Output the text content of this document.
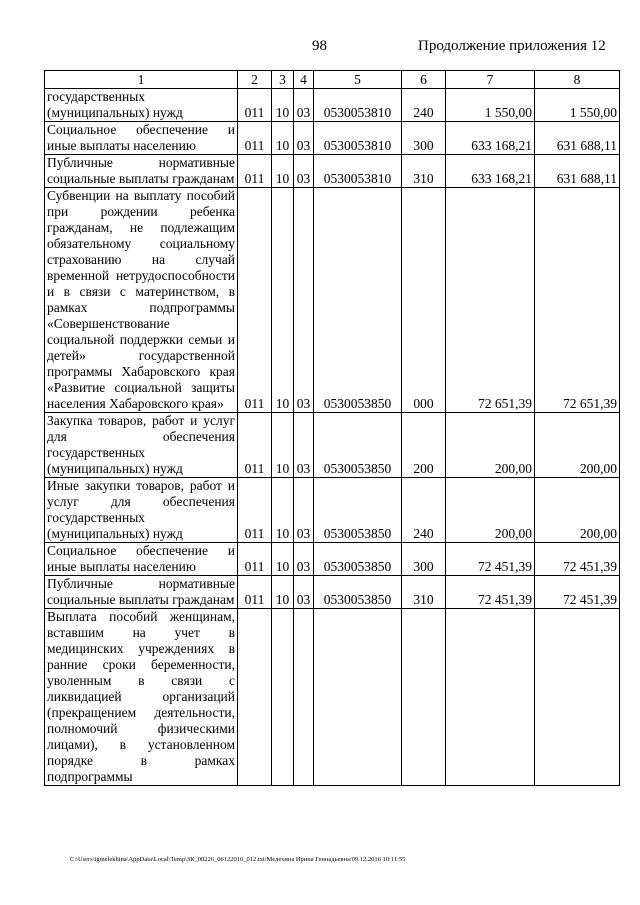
98	Продолжение приложения 12
1	2	3	4	5	6	7	8
государственных (муниципальных) нужд	011	10	03	0530053810	240	1 550,00	1 550,00
Социальное обеспечение и иные выплаты населению	011	10	03	0530053810	300	633 168,21	631 688,11
Публичные нормативные социальные выплаты гражданам	011	10	03	0530053810	310	633 168,21	631 688,11
Субвенции на выплату пособий при рождении ребенка гражданам, не подлежащим обязательному социальному страхованию на случай временной нетрудоспособности и в связи с материнством, в рамках подпрограммы «Совершенствование социальной поддержки семьи и детей» государственной программы Хабаровского края «Развитие социальной защиты населения Хабаровского края»	011	10	03	0530053850	000	72 651,39	72 651,39
Закупка товаров, работ и услуг для обеспечения государственных (муниципальных) нужд	011	10	03	0530053850	200	200,00	200,00
Иные закупки товаров, работ и услуг для обеспечения государственных (муниципальных) нужд	011	10	03	0530053850	240	200,00	200,00
Социальное обеспечение и иные выплаты населению	011	10	03	0530053850	300	72 451,39	72 451,39
Публичные нормативные социальные выплаты гражданам	011	10	03	0530053850	310	72 451,39	72 451,39
Выплата пособий женщинам, вставшим на учет в медицинских учреждениях в ранние сроки беременности, уволенным в связи с ликвидацией организаций (прекращением деятельности, полномочий физическими лицами), в установленном порядке в рамках подпрограммы							
C:\Users\igmelekhina\AppData\Local\Temp\ЗК_00226_06122016_012.txt/Мелехина Ирина Геннадьевна/09.12.2016 10:11:55
